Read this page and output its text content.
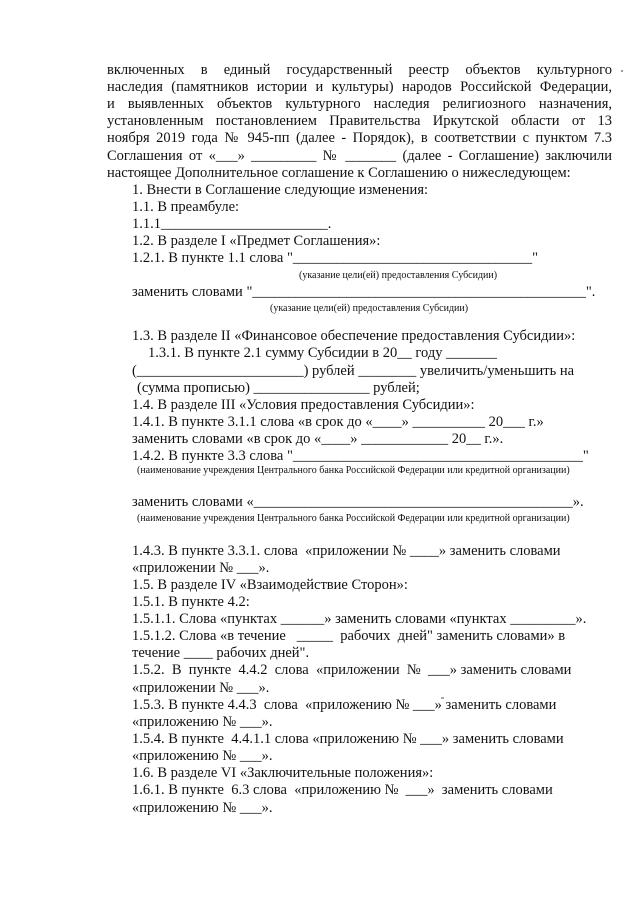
включенных в единый государственный реестр объектов культурного
наследия (памятников истории и культуры) народов Российской Федерации,
и выявленных объектов культурного наследия религиозного назначения,
установленным постановлением Правительства Иркутской области от 13
ноября 2019 года № 945-пп (далее - Порядок), в соответствии с пунктом 7.3
Соглашения от «___» _________ № _______ (далее - Соглашение) заключили
настоящее Дополнительное соглашение к Соглашению о нижеследующем:
1. Внести в Соглашение следующие изменения:
1.1. В преамбуле:
1.1.1_______________________.
1.2. В разделе I «Предмет Соглашения»:
1.2.1. В пункте 1.1 слова "_________________________________"
(указание цели(ей) предоставления Субсидии)
заменить словами "______________________________________________".
(указание цели(ей) предоставления Субсидии)
1.3. В разделе II «Финансовое обеспечение предоставления Субсидии»:
1.3.1. В пункте 2.1 сумму Субсидии в 20__ году _______
(_______________________) рублей ________ увеличить/уменьшить на
(сумма прописью) ________________ рублей;
1.4. В разделе III «Условия предоставления Субсидии»:
1.4.1. В пункте 3.1.1 слова «в срок до «____» __________ 20___ г.»
заменить словами «в срок до «____» ____________ 20__ г.».
1.4.2. В пункте 3.3 слова "________________________________________"
(наименование учреждения Центрального банка Российской Федерации или кредитной организации)
заменить словами «____________________________________________».
(наименование учреждения Центрального банка Российской Федерации или кредитной организации)
1.4.3. В пункте 3.3.1. слова  «приложении № ____» заменить словами
«приложении № ___».
1.5. В разделе IV «Взаимодействие Сторон»:
1.5.1. В пункте 4.2:
1.5.1.1. Слова «пунктах ______» заменить словами «пунктах _________».
1.5.1.2. Слова «в течение   _____  рабочих  дней" заменить словами» в
течение ____ рабочих дней".
1.5.2.  В  пункте  4.4.2  слова  «приложении  №  ___» заменить словами
«приложении № ___».
1.5.3. В пункте 4.4.3  слова  «приложению № ___» заменить словами
«приложению № ___».
1.5.4. В пункте  4.4.1.1 слова «приложению № ___» заменить словами
«приложению № ___».
1.6. В разделе VI «Заключительные положения»:
1.6.1. В пункте  6.3 слова  «приложению №  ___»  заменить словами
«приложению № ___».
